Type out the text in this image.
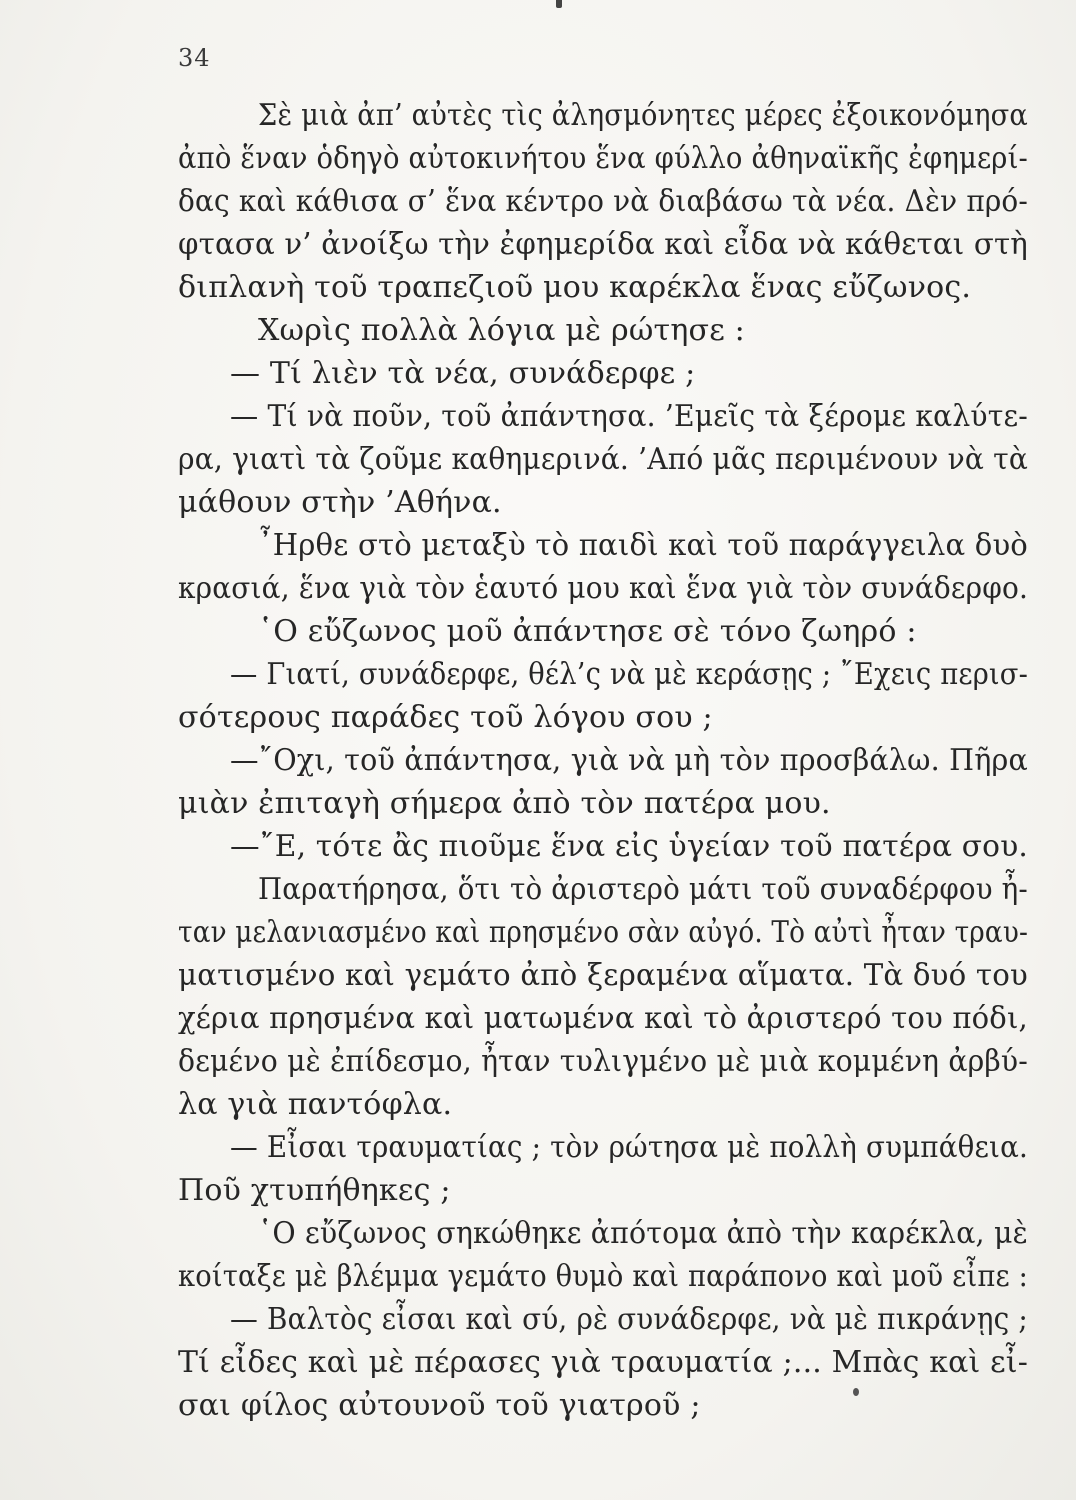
34
Σὲ μιὰ ἀπ’ αὐτὲς τὶς ἀλησμόνητες μέρες ἐξοικονόμησα
ἀπὸ ἕναν ὁδηγὸ αὐτοκινήτου ἕνα φύλλο ἀθηναϊκῆς ἐφημερί-
δας καὶ κάθισα σ’ ἕνα κέντρο νὰ διαβάσω τὰ νέα. Δὲν πρό-
φτασα ν’ ἀνοίξω τὴν ἐφημερίδα καὶ εἶδα νὰ κάθεται στὴ
διπλανὴ τοῦ τραπεζιοῦ μου καρέκλα ἕνας εὔζωνος.
Χωρὶς πολλὰ λόγια μὲ ρώτησε :
— Τί λιὲν τὰ νέα, συνάδερφε ;
— Τί νὰ ποῦν, τοῦ ἀπάντησα. ’Εμεῖς τὰ ξέρομε καλύτε-
ρα, γιατὶ τὰ ζοῦμε καθημερινά. ’Από μᾶς περιμένουν νὰ τὰ
μάθουν στὴν ’Αθήνα.
῏Ηρθε στὸ μεταξὺ τὸ παιδὶ καὶ τοῦ παράγγειλα δυὸ
κρασιά, ἕνα γιὰ τὸν ἑαυτό μου καὶ ἕνα γιὰ τὸν συνάδερφο.
῾Ο εὔζωνος μοῦ ἀπάντησε σὲ τόνο ζωηρό :
— Γιατί, συνάδερφε, θέλ’ς νὰ μὲ κεράσῃς ; ῎Εχεις περισ-
σότερους παράδες τοῦ λόγου σου ;
—῎Οχι, τοῦ ἀπάντησα, γιὰ νὰ μὴ τὸν προσβάλω. Πῆρα
μιὰν ἐπιταγὴ σήμερα ἀπὸ τὸν πατέρα μου.
—῎Ε, τότε ἂς πιοῦμε ἕνα εἰς ὑγείαν τοῦ πατέρα σου.
Παρατήρησα, ὅτι τὸ ἀριστερὸ μάτι τοῦ συναδέρφου ἦ-
ταν μελανιασμένο καὶ πρησμένο σὰν αὐγό. Τὸ αὐτὶ ἦταν τραυ-
ματισμένο καὶ γεμάτο ἀπὸ ξεραμένα αἵματα. Τὰ δυό του
χέρια πρησμένα καὶ ματωμένα καὶ τὸ ἀριστερό του πόδι,
δεμένο μὲ ἐπίδεσμο, ἦταν τυλιγμένο μὲ μιὰ κομμένη ἀρβύ-
λα γιὰ παντόφλα.
— Εἶσαι τραυματίας ; τὸν ρώτησα μὲ πολλὴ συμπάθεια.
Ποῦ χτυπήθηκες ;
῾Ο εὔζωνος σηκώθηκε ἀπότομα ἀπὸ τὴν καρέκλα, μὲ
κοίταξε μὲ βλέμμα γεμάτο θυμὸ καὶ παράπονο καὶ μοῦ εἶπε :
— Βαλτὸς εἶσαι καὶ σύ, ρὲ συνάδερφε, νὰ μὲ πικράνῃς ;
Τί εἶδες καὶ μὲ πέρασες γιὰ τραυματία ;... Μπὰς καὶ εἶ-
σαι φίλος αὐτουνοῦ τοῦ γιατροῦ ;
